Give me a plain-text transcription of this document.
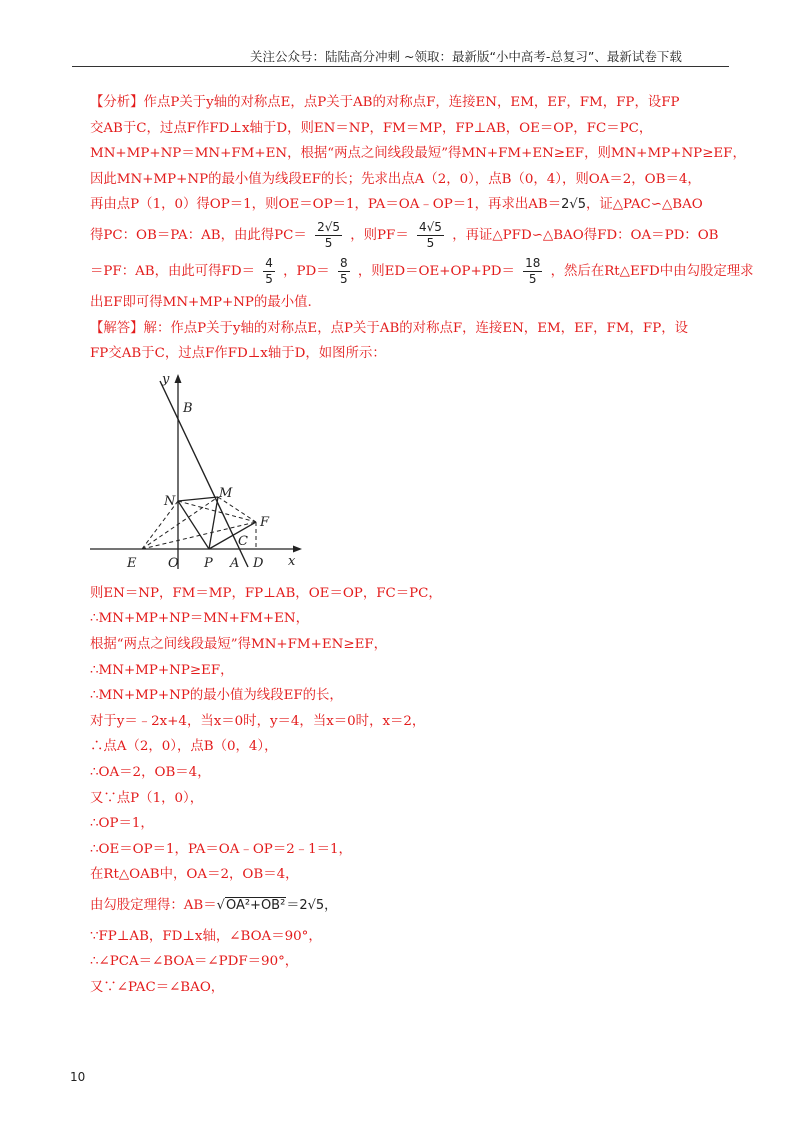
关注公众号：陆陆高分冲刺 ~领取：最新版“小中高考-总复习”、最新试卷下载
【分析】作点P关于y轴的对称点E，点P关于AB的对称点F，连接EN，EM，EF，FM，FP，设FP
交AB于C，过点F作FD⊥x轴于D，则EN＝NP，FM＝MP，FP⊥AB，OE＝OP，FC＝PC，
MN+MP+NP＝MN+FM+EN，根据“两点之间线段最短”得MN+FM+EN≥EF，则MN+MP+NP≥EF，
因此MN+MP+NP的最小值为线段EF的长；先求出点A（2，0），点B（0，4），则OA＝2，OB＝4，
再由点P（1，0）得OP＝1，则OE＝OP＝1，PA＝OA﹣OP＝1，再求出AB＝2√5，证△PAC∽△BAO
得PC：OB＝PA：AB，由此得$PC= \frac{2√5}{5}$ ，则$PF= \frac{4√5}{5}$ ，再证△PFD∽△BAO得FD：OA＝PD：OB
＝PF：AB，由此可得$FD= \frac{4}{5}$ ，$PD= \frac{8}{5}$ ，则$ED=OE+OP+PD= \frac{18}{5}$ ，然后在Rt△EFD中由勾股定理求
出EF即可得MN+MP+NP的最小值.
【解答】解：作点P关于y轴的对称点E，点P关于AB的对称点F，连接EN，EM，EF，FM，FP，设
FP交AB于C，过点F作FD⊥x轴于D，如图所示：
y
x
B
N
M
F
C
E O P A D
则EN＝NP，FM＝MP，FP⊥AB，OE＝OP，FC＝PC，
∴MN+MP+NP＝MN+FM+EN，
根据“两点之间线段最短”得MN+FM+EN≥EF，
∴MN+MP+NP≥EF，
∴MN+MP+NP的最小值为线段EF的长，
对于y＝﹣2x+4，当x＝0时，y＝4，当x＝0时，x＝2，
∴点A（2，0），点B（0，4），
∴OA＝2，OB＝4，
又∵点P（1，0），
∴OP＝1，
∴OE＝OP＝1，PA＝OA﹣OP＝2﹣1＝1，
在Rt△OAB中，OA＝2，OB＝4，
由勾股定理得：AB＝√OA²+OB²＝2√5，
∵FP⊥AB，FD⊥x轴，∠BOA＝90°，
∴∠PCA＝∠BOA＝∠PDF＝90°，
又∵∠PAC＝∠BAO，
10
